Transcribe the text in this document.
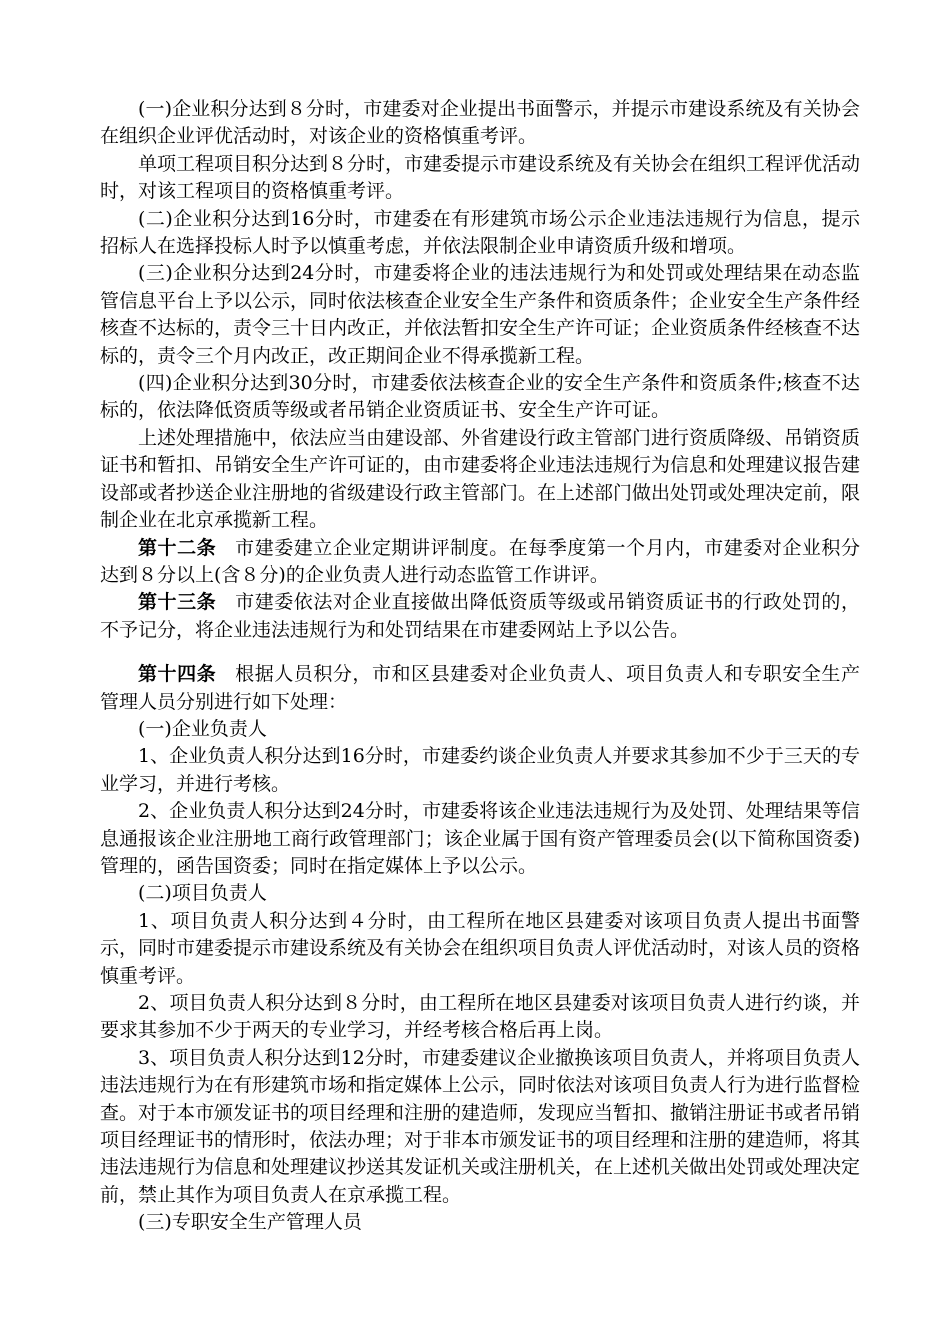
(一)企业积分达到８分时，市建委对企业提出书面警示，并提示市建设系统及有关协会在组织企业评优活动时，对该企业的资格慎重考评。

单项工程项目积分达到８分时，市建委提示市建设系统及有关协会在组织工程评优活动时，对该工程项目的资格慎重考评。

(二)企业积分达到16分时，市建委在有形建筑市场公示企业违法违规行为信息，提示招标人在选择投标人时予以慎重考虑，并依法限制企业申请资质升级和增项。

(三)企业积分达到24分时，市建委将企业的违法违规行为和处罚或处理结果在动态监管信息平台上予以公示，同时依法核查企业安全生产条件和资质条件；企业安全生产条件经核查不达标的，责令三十日内改正，并依法暂扣安全生产许可证；企业资质条件经核查不达标的，责令三个月内改正，改正期间企业不得承揽新工程。

(四)企业积分达到30分时，市建委依法核查企业的安全生产条件和资质条件;核查不达标的，依法降低资质等级或者吊销企业资质证书、安全生产许可证。

上述处理措施中，依法应当由建设部、外省建设行政主管部门进行资质降级、吊销资质证书和暂扣、吊销安全生产许可证的，由市建委将企业违法违规行为信息和处理建议报告建设部或者抄送企业注册地的省级建设行政主管部门。在上述部门做出处罚或处理决定前，限制企业在北京承揽新工程。

第十二条 市建委建立企业定期讲评制度。在每季度第一个月内，市建委对企业积分达到８分以上(含８分)的企业负责人进行动态监管工作讲评。

第十三条 市建委依法对企业直接做出降低资质等级或吊销资质证书的行政处罚的，不予记分，将企业违法违规行为和处罚结果在市建委网站上予以公告。

第十四条 根据人员积分，市和区县建委对企业负责人、项目负责人和专职安全生产管理人员分别进行如下处理：

(一)企业负责人

1、企业负责人积分达到16分时，市建委约谈企业负责人并要求其参加不少于三天的专业学习，并进行考核。

2、企业负责人积分达到24分时，市建委将该企业违法违规行为及处罚、处理结果等信息通报该企业注册地工商行政管理部门；该企业属于国有资产管理委员会(以下简称国资委)管理的，函告国资委；同时在指定媒体上予以公示。

(二)项目负责人

1、项目负责人积分达到４分时，由工程所在地区县建委对该项目负责人提出书面警示，同时市建委提示市建设系统及有关协会在组织项目负责人评优活动时，对该人员的资格慎重考评。

2、项目负责人积分达到８分时，由工程所在地区县建委对该项目负责人进行约谈，并要求其参加不少于两天的专业学习，并经考核合格后再上岗。

3、项目负责人积分达到12分时，市建委建议企业撤换该项目负责人，并将项目负责人违法违规行为在有形建筑市场和指定媒体上公示，同时依法对该项目负责人行为进行监督检查。对于本市颁发证书的项目经理和注册的建造师，发现应当暂扣、撤销注册证书或者吊销项目经理证书的情形时，依法办理；对于非本市颁发证书的项目经理和注册的建造师，将其违法违规行为信息和处理建议抄送其发证机关或注册机关，在上述机关做出处罚或处理决定前，禁止其作为项目负责人在京承揽工程。

(三)专职安全生产管理人员
